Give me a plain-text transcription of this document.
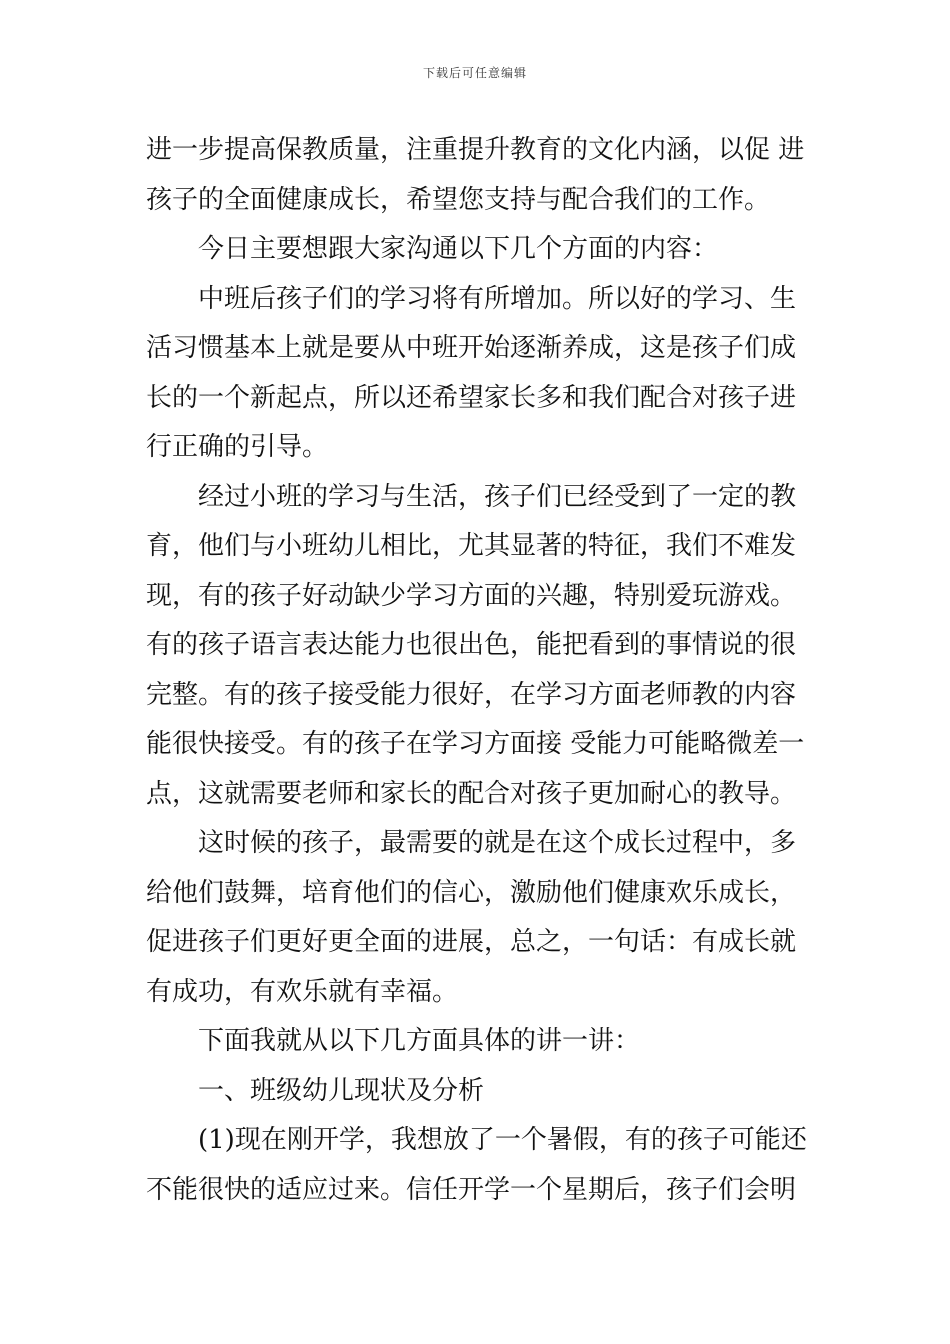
下载后可任意编辑
进一步提高保教质量，注重提升教育的文化内涵，以促 进
孩子的全面健康成长，希望您支持与配合我们的工作。
今日主要想跟大家沟通以下几个方面的内容：
中班后孩子们的学习将有所增加。所以好的学习、生
活习惯基本上就是要从中班开始逐渐养成，这是孩子们成
长的一个新起点，所以还希望家长多和我们配合对孩子进
行正确的引导。
经过小班的学习与生活，孩子们已经受到了一定的教
育，他们与小班幼儿相比，尤其显著的特征，我们不难发
现，有的孩子好动缺少学习方面的兴趣，特别爱玩游戏。
有的孩子语言表达能力也很出色，能把看到的事情说的很
完整。有的孩子接受能力很好，在学习方面老师教的内容
能很快接受。有的孩子在学习方面接 受能力可能略微差一
点，这就需要老师和家长的配合对孩子更加耐心的教导。
这时候的孩子，最需要的就是在这个成长过程中，多
给他们鼓舞，培育他们的信心，激励他们健康欢乐成长，
促进孩子们更好更全面的进展，总之，一句话：有成长就
有成功，有欢乐就有幸福。
下面我就从以下几方面具体的讲一讲：
一、班级幼儿现状及分析
(1)现在刚开学，我想放了一个暑假，有的孩子可能还
不能很快的适应过来。信任开学一个星期后，孩子们会明
